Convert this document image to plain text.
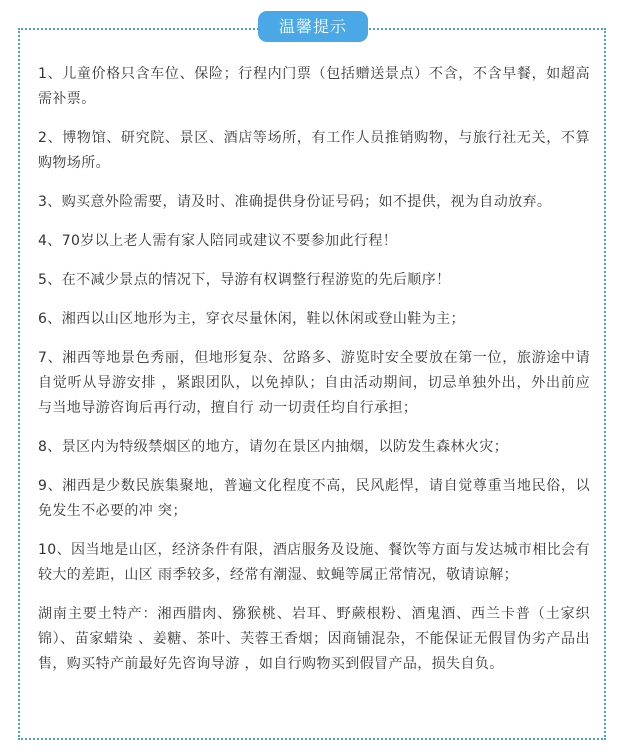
温馨提示

1、儿童价格只含车位、保险；行程内门票（包括赠送景点）不含，不含早餐，如超高需补票。

2、博物馆、研究院、景区、酒店等场所，有工作人员推销购物，与旅行社无关，不算购物场所。

3、购买意外险需要，请及时、准确提供身份证号码；如不提供，视为自动放弃。

4、70岁以上老人需有家人陪同或建议不要参加此行程！

5、在不减少景点的情况下，导游有权调整行程游览的先后顺序！

6、湘西以山区地形为主，穿衣尽量休闲，鞋以休闲或登山鞋为主；

7、湘西等地景色秀丽，但地形复杂、岔路多、游览时安全要放在第一位，旅游途中请自觉听从导游安排 ，紧跟团队，以免掉队；自由活动期间，切忌单独外出，外出前应与当地导游咨询后再行动，擅自行 动一切责任均自行承担；

8、景区内为特级禁烟区的地方，请勿在景区内抽烟，以防发生森林火灾；

9、湘西是少数民族集聚地，普遍文化程度不高，民风彪悍，请自觉尊重当地民俗，以免发生不必要的冲 突；

10、因当地是山区，经济条件有限，酒店服务及设施、餐饮等方面与发达城市相比会有较大的差距，山区 雨季较多，经常有潮湿、蚊蝇等属正常情况，敬请谅解；

湖南主要土特产：湘西腊肉、猕猴桃、岩耳、野蕨根粉、酒鬼酒、西兰卡普（土家织锦）、苗家蜡染 、姜糖、茶叶、芙蓉王香烟；因商铺混杂，不能保证无假冒伪劣产品出售，购买特产前最好先咨询导游 ，如自行购物买到假冒产品，损失自负。
